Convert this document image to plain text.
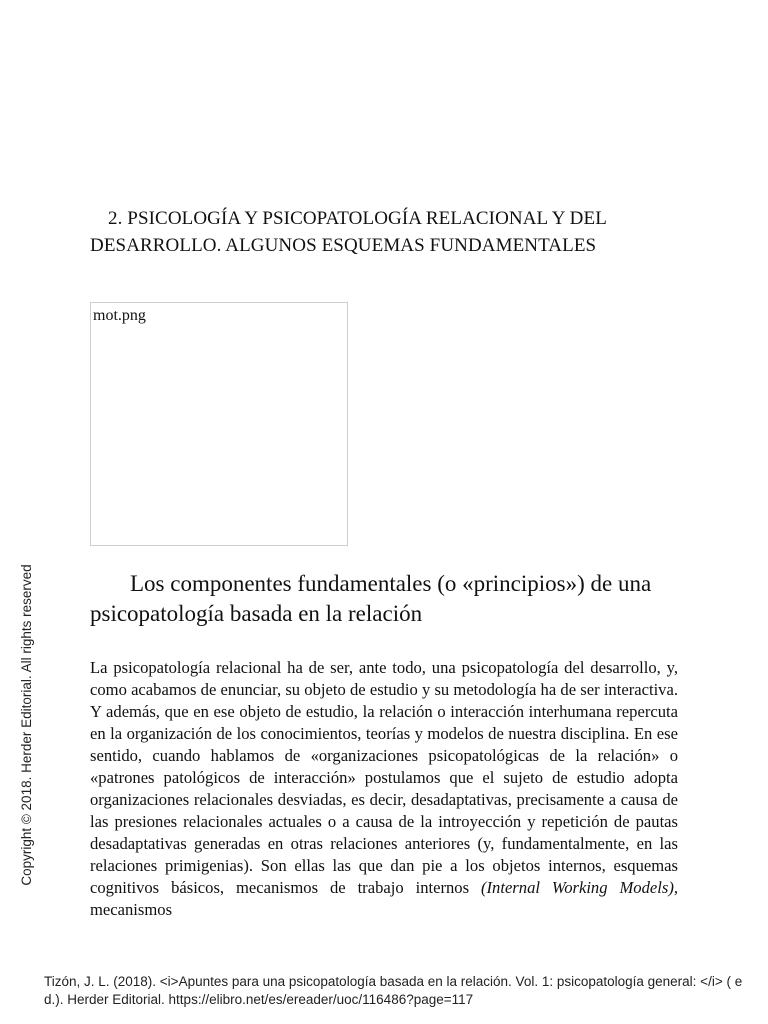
2. PSICOLOGÍA Y PSICOPATOLOGÍA RELACIONAL Y DEL DESARROLLO. ALGUNOS ESQUEMAS FUNDAMENTALES
mot.png
Los componentes fundamentales (o «principios») de una psicopatología basada en la relación

La psicopatología relacional ha de ser, ante todo, una psicopatología del desarrollo, y, como acabamos de enunciar, su objeto de estudio y su metodología ha de ser interactiva. Y además, que en ese objeto de estudio, la relación o interacción interhumana repercuta en la organización de los conocimientos, teorías y modelos de nuestra disciplina. En ese sentido, cuando hablamos de «organizaciones psicopatológicas de la relación» o «patrones patológicos de interacción» postulamos que el sujeto de estudio adopta organizaciones relacionales desviadas, es decir, desadaptativas, precisamente a causa de las presiones relacionales actuales o a causa de la introyección y repetición de pautas desadaptativas generadas en otras relaciones anteriores (y, fundamentalmente, en las relaciones primigenias). Son ellas las que dan pie a los objetos internos, esquemas cognitivos básicos, mecanismos de trabajo internos (Internal Working Models), mecanismos

Copyright © 2018. Herder Editorial. All rights reserved
Tizón, J. L. (2018). <i>Apuntes para una psicopatología basada en la relación. Vol. 1: psicopatología general: </i> ( ed.). Herder Editorial. https://elibro.net/es/ereader/uoc/116486?page=117
